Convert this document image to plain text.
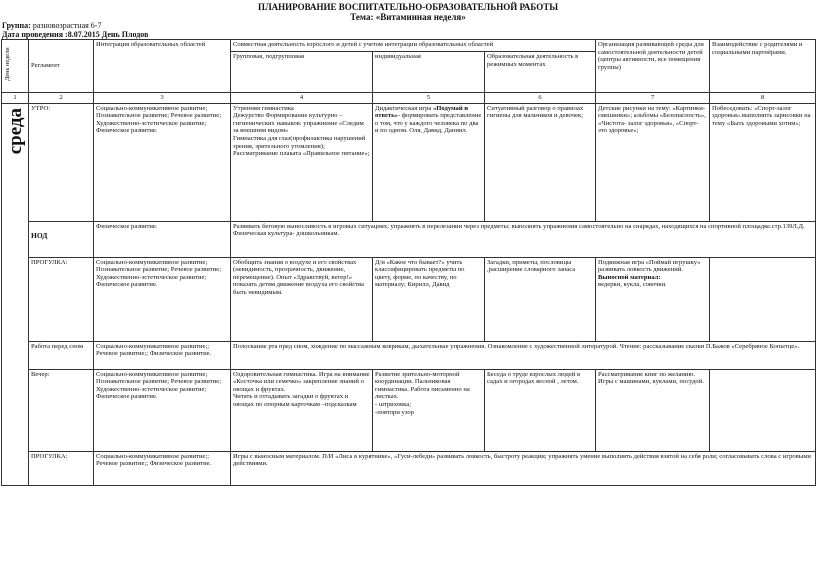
ПЛАНИРОВАНИЕ ВОСПИТАТЕЛЬНО-ОБРАЗОВАТЕЛЬНОЙ РАБОТЫ
Тема: «Витаминная неделя»
Группа: разновозрастная 6-7
Дата проведения :8.07.2015 День Плодов
День недели	Регламент	Интеграция образовательных областей	Совместная деятельность взрослого и детей с учетом интеграции образовательных областей			Организация развивающей среды для самостоятельной деятельности детей (центры активности, все помещения группы)	Взаимодействие с родителями и социальными партнёрами.
			Групповая, подгрупповая	индивидуальная	Образовательная деятельность в режимных моментах		
1	2	3	4	5	6	7	8

среда	УТРО:	Социально-коммуникативное развитие; Познавательное развитие; Речевое развитие; Художественно-эстетическое развитие; Физическое развитие.	Утренняя гимнастика
Дежурство Формирование культурно –гигиенических навыков: упражнение «Следим за внешним видом»
Гимнастика для глаз(профилактика нарушений зрения, зрительного утомления);
Рассматривание плаката «Правильное питание»;	Дидактическая игра «Подумай и ответь»- формировать представление о том, что у каждого человека по два и по одном. Оля, Давид, Даниил.	Ситуативный разговор о правилах гигиены для мальчиков и девочек;	Детские рисунки на тему: «Картинки-смешинки»; альбомы «Безопасность», «Чистота- залог здоровья», «Спорт-это здоровье»;	Побеседовать: «Спорт-залог здоровья».выполнить зарисовки на тему «Быть здоровыми хотим»;

	НОД	Физическое развитие.	Развивать беговую выносливость в игровых ситуациях; упражнять в перелезании через предметы; выполнять упражнения самостоятельно на снарядах, находящихся на спортивной площадке.стр.139Л.Д. Физическая культура- дошкольникам.				
	ПРОГУЛКА:	Социально-коммуникативное развитие; Познавательное развитие; Речевое развитие; Художественно-эстетическое развитие; Физическое развитие.	Обобщить знания о воздухе и его свойствах (невидимость, прозрачность, движение, перемещение). Опыт «Здравствуй, ветер!» показать детям движение воздуха его свойства быть невидимым.	Д/и «Какое что бывает?» учить классифицировать предметы по цвету, форме, по качеству, по материалу; Кирилл, Давид	Загадки, приметы, пословицы ,расширение словарного запаса	Подвижная игра «Поймай игрушку» развивать ловкость движений.
Выносной материал:
ведерки, кукла, совочки.	
	Работа перед сном	Социально-коммуникативное развитие;; Речевое развитие;; Физическое развитие.	Полоскание рта пред сном, хождение по массажным коврикам, дыхательные упражнения. Ознакомление с художественной литературой. Чтение: рассказывание сказки П.Бажов «Серебряное Копытце».				
	Вечер:	Социально-коммуникативное развитие; Познавательное развитие; Речевое развитие; Художественно-эстетическое развитие; Физическое развитие.	Оздоровительная гимнастика. Игра на внимание «Косточка или семечко» закрепление знаний о овощах и фруктах.
Читать и отгадывать загадки о фруктах и овощах по опорным карточкам –подсказкам	Развитие зрительно-моторной координации. Пальчиковая гимнастика. Работа письменно на листках.
- штриховка;
-повтори узор	Беседа о труде взрослых людей в садах и огородах весной , летом.	Рассматривание книг по желанию. Игры с машинами, куклами, посудой.	
	ПРОГУЛКА:	Социально-коммуникативное развитие;; Речевое развитие;; Физическое развитие.	Игры с выносным материалом. П/И «Лиса в курятнике», «Гуси-лебеди» развивать ловкость, быстроту реакции; упражнять умение выполнять действия взятой на себя роли; согласовывать слова с игровыми действиями.				
